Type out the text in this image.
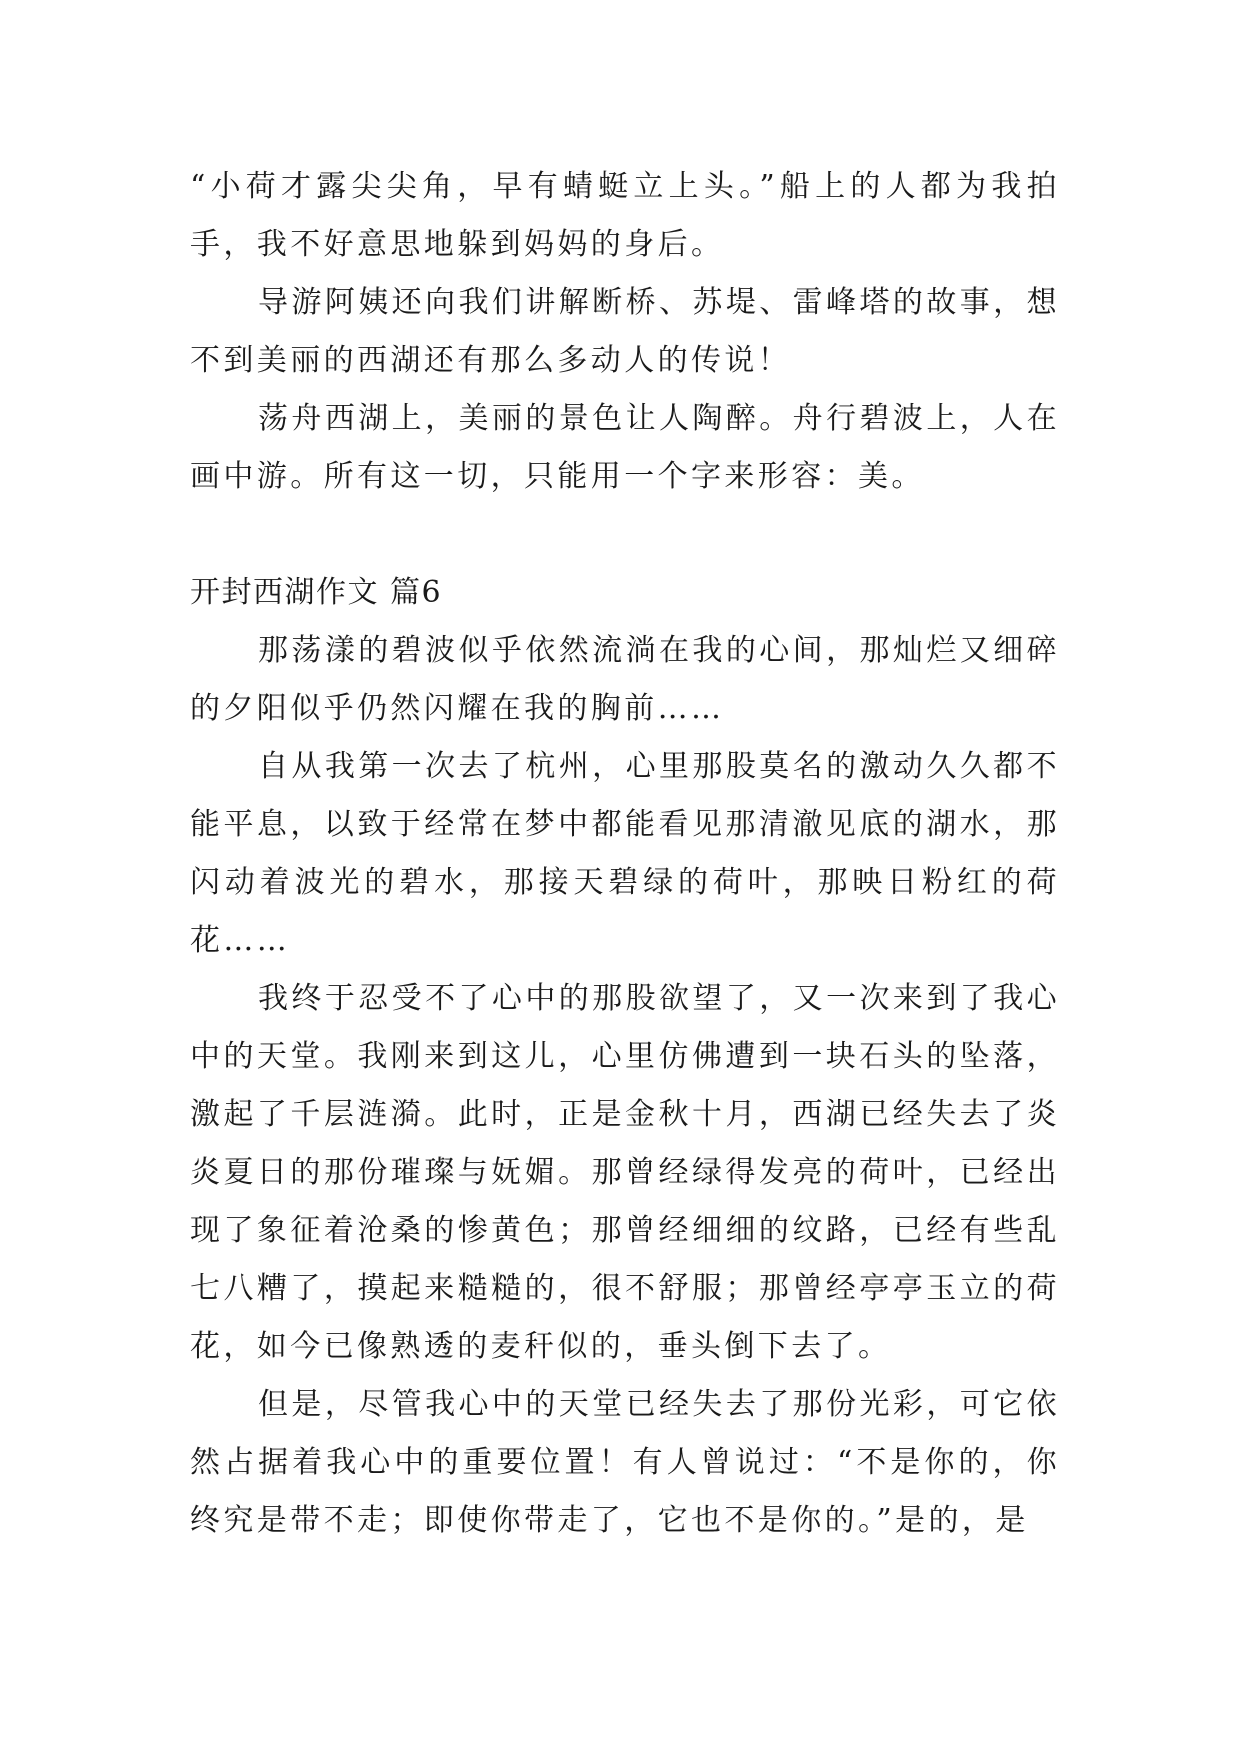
“小荷才露尖尖角，早有蜻蜓立上头。”船上的人都为我拍手，我不好意思地躲到妈妈的身后。

导游阿姨还向我们讲解断桥、苏堤、雷峰塔的故事，想不到美丽的西湖还有那么多动人的传说！

荡舟西湖上，美丽的景色让人陶醉。舟行碧波上，人在画中游。所有这一切，只能用一个字来形容：美。

开封西湖作文 篇6

那荡漾的碧波似乎依然流淌在我的心间，那灿烂又细碎的夕阳似乎仍然闪耀在我的胸前……

自从我第一次去了杭州，心里那股莫名的激动久久都不能平息，以致于经常在梦中都能看见那清澈见底的湖水，那闪动着波光的碧水，那接天碧绿的荷叶，那映日粉红的荷花……

我终于忍受不了心中的那股欲望了，又一次来到了我心中的天堂。我刚来到这儿，心里仿佛遭到一块石头的坠落，激起了千层涟漪。此时，正是金秋十月，西湖已经失去了炎炎夏日的那份璀璨与妩媚。那曾经绿得发亮的荷叶，已经出现了象征着沧桑的惨黄色；那曾经细细的纹路，已经有些乱七八糟了，摸起来糙糙的，很不舒服；那曾经亭亭玉立的荷花，如今已像熟透的麦秆似的，垂头倒下去了。

但是，尽管我心中的天堂已经失去了那份光彩，可它依然占据着我心中的重要位置！有人曾说过：“不是你的，你终究是带不走；即使你带走了，它也不是你的。”是的，是
